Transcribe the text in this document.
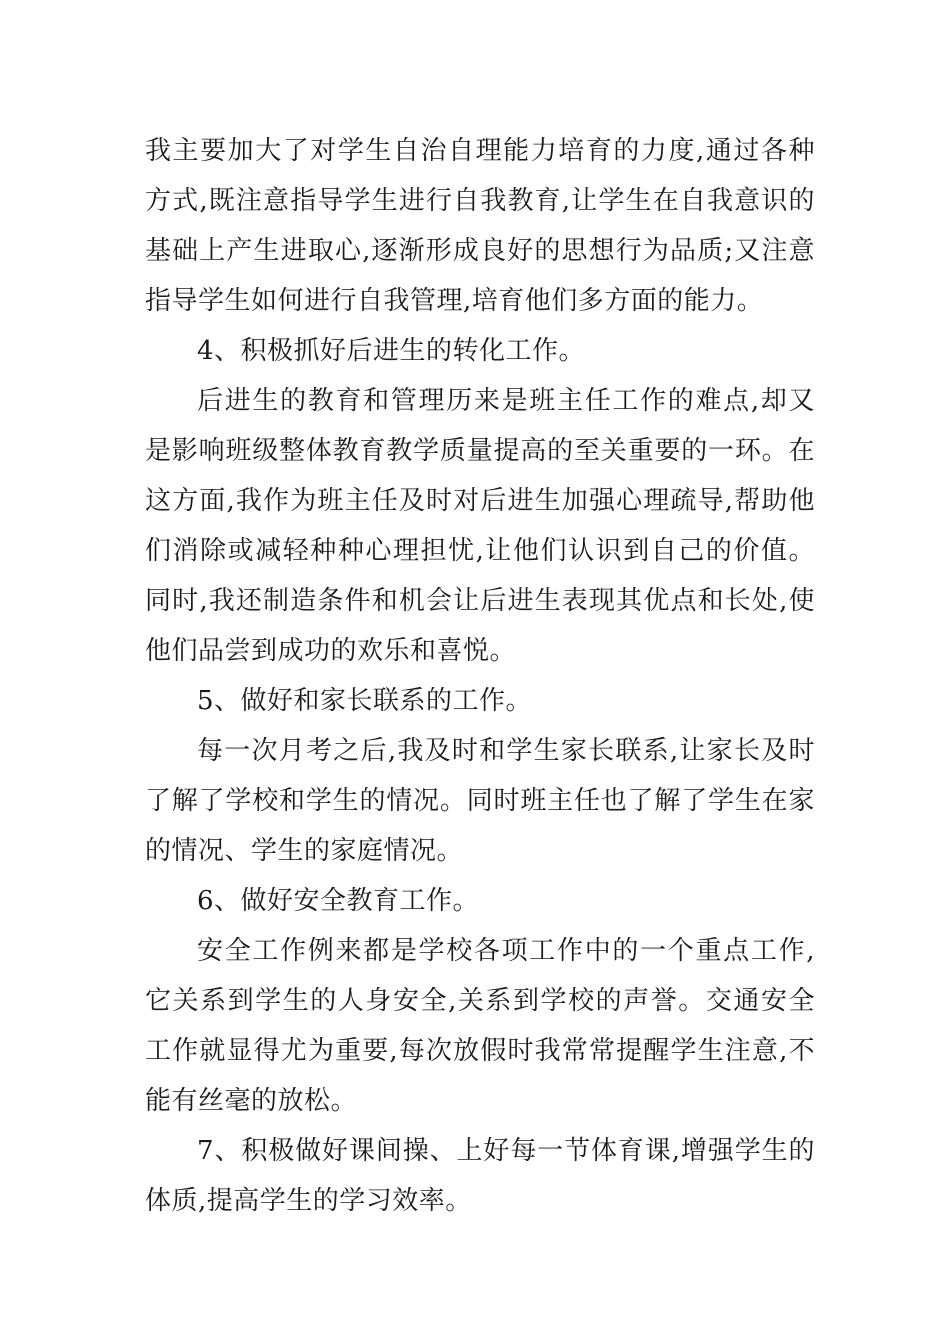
我主要加大了对学生自治自理能力培育的力度,通过各种方式,既注意指导学生进行自我教育,让学生在自我意识的基础上产生进取心,逐渐形成良好的思想行为品质;又注意指导学生如何进行自我管理,培育他们多方面的能力。

4、积极抓好后进生的转化工作。

后进生的教育和管理历来是班主任工作的难点,却又是影响班级整体教育教学质量提高的至关重要的一环。在这方面,我作为班主任及时对后进生加强心理疏导,帮助他们消除或减轻种种心理担忧,让他们认识到自己的价值。同时,我还制造条件和机会让后进生表现其优点和长处,使他们品尝到成功的欢乐和喜悦。

5、做好和家长联系的工作。

每一次月考之后,我及时和学生家长联系,让家长及时了解了学校和学生的情况。同时班主任也了解了学生在家的情况、学生的家庭情况。

6、做好安全教育工作。

安全工作例来都是学校各项工作中的一个重点工作,它关系到学生的人身安全,关系到学校的声誉。交通安全工作就显得尤为重要,每次放假时我常常提醒学生注意,不能有丝毫的放松。

7、积极做好课间操、上好每一节体育课,增强学生的体质,提高学生的学习效率。
